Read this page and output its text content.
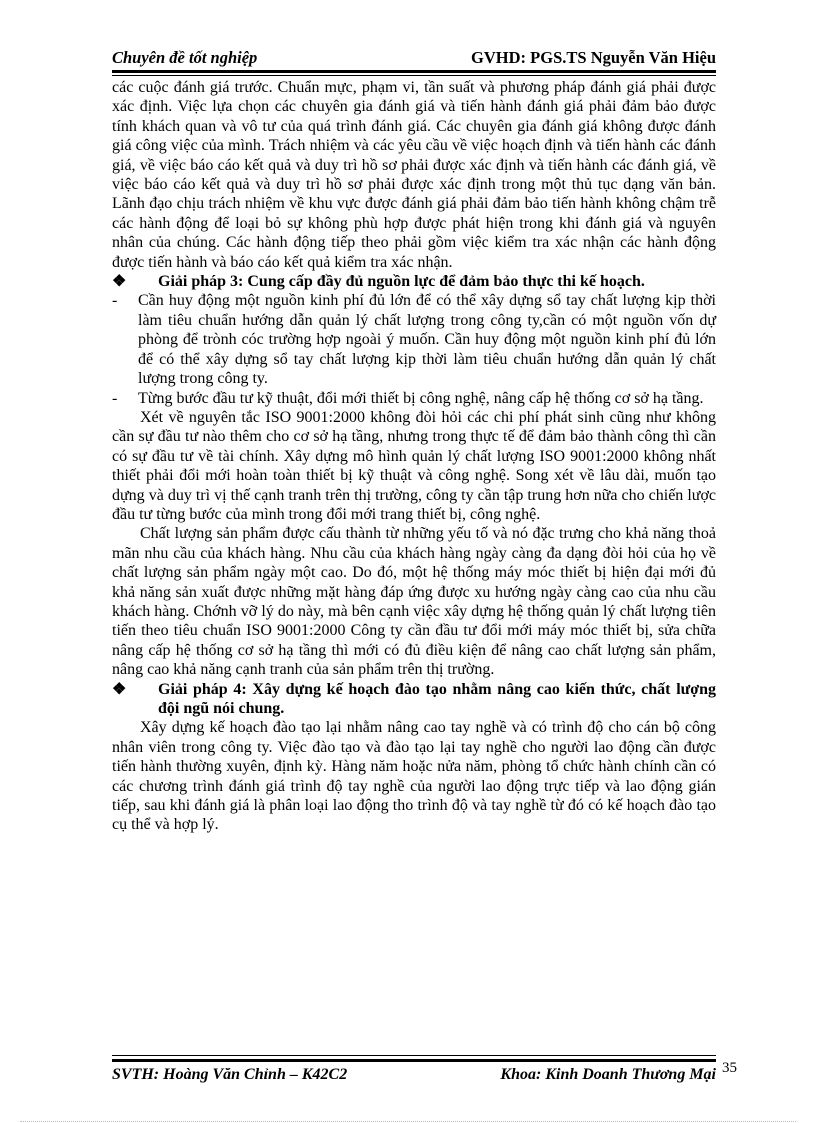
Chuyên đề tốt nghiệp	GVHD: PGS.TS Nguyễn Văn Hiệu

các cuộc đánh giá trước. Chuẩn mực, phạm vi, tần suất và phương pháp đánh giá phải được xác định. Việc lựa chọn các chuyên gia đánh giá và tiến hành đánh giá phải đảm bảo được tính khách quan và vô tư của quá trình đánh giá. Các chuyên gia đánh giá không được đánh giá công việc của mình. Trách nhiệm và các yêu cầu về việc hoạch định và tiến hành các đánh giá, về việc báo cáo kết quả và duy trì hồ sơ phải được xác định và tiến hành các đánh giá, về việc báo cáo kết quả và duy trì hồ sơ phải được xác định trong một thủ tục dạng văn bản. Lãnh đạo chịu trách nhiệm về khu vực được đánh giá phải đảm bảo tiến hành không chậm trễ các hành động để loại bỏ sự không phù hợp được phát hiện trong khi đánh giá và nguyên nhân của chúng. Các hành động tiếp theo phải gồm việc kiểm tra xác nhận các hành động được tiến hành và báo cáo kết quả kiểm tra xác nhận.

❖	Giải pháp 3: Cung cấp đầy đủ nguồn lực để đảm bảo thực thi kế hoạch.
-	Cần huy động một nguồn kinh phí đủ lớn để có thể xây dựng sổ tay chất lượng kịp thời làm tiêu chuẩn hướng dẫn quản lý chất lượng trong công ty,cần có một nguồn vốn dự phòng để trònh cóc trường hợp ngoài ý muốn. Cần huy động một nguồn kinh phí đủ lớn để có thể xây dựng sổ tay chất lượng kịp thời làm tiêu chuẩn hướng dẫn quản lý chất lượng trong công ty.
-	Từng bước đầu tư kỹ thuật, đổi mới thiết bị công nghệ, nâng cấp hệ thống cơ sở hạ tầng.

Xét về nguyên tắc ISO 9001:2000 không đòi hỏi các chi phí phát sinh cũng như không cần sự đầu tư nào thêm cho cơ sở hạ tầng, nhưng trong thực tế để đảm bảo thành công thì cần có sự đầu tư về tài chính. Xây dựng mô hình quản lý chất lượng ISO 9001:2000 không nhất thiết phải đổi mới hoàn toàn thiết bị kỹ thuật và công nghệ. Song xét về lâu dài, muốn tạo dựng và duy trì vị thế cạnh tranh trên thị trường, công ty cần tập trung hơn nữa cho chiến lược đầu tư từng bước của mình trong đổi mới trang thiết bị, công nghệ.

Chất lượng sản phẩm được cấu thành từ những yếu tố và nó đặc trưng cho khả năng thoả mãn nhu cầu của khách hàng. Nhu cầu của khách hàng ngày càng đa dạng đòi hỏi của họ về chất lượng sản phẩm ngày một cao. Do đó, một hệ thống máy móc thiết bị hiện đại mới đủ khả năng sản xuất được những mặt hàng đáp ứng được xu hướng ngày càng cao của nhu cầu khách hàng. Chớnh vỡ lý do này, mà bên cạnh việc xây dựng hệ thống quản lý chất lượng tiên tiến theo tiêu chuẩn ISO 9001:2000 Công ty cần đầu tư đổi mới máy móc thiết bị, sửa chữa nâng cấp hệ thống cơ sở hạ tầng thì mới có đủ điều kiện để nâng cao chất lượng sản phẩm, nâng cao khả năng cạnh tranh của sản phẩm trên thị trường.

❖	Giải pháp 4: Xây dựng kế hoạch đào tạo nhằm nâng cao kiến thức, chất lượng đội ngũ nói chung.

Xây dựng kế hoạch đào tạo lại nhằm nâng cao tay nghề và có trình độ cho cán bộ công nhân viên trong công ty. Việc đào tạo và đào tạo lại tay nghề cho người lao động cần được tiến hành thường xuyên, định kỳ. Hàng năm hoặc nửa năm, phòng tổ chức hành chính cần có các chương trình đánh giá trình độ tay nghề của người lao động trực tiếp và lao động gián tiếp, sau khi đánh giá là phân loại lao động tho trình độ và tay nghề từ đó có kế hoạch đào tạo cụ thể và hợp lý.

SVTH: Hoàng Văn Chỉnh – K42C2	Khoa: Kinh Doanh Thương Mại 35
